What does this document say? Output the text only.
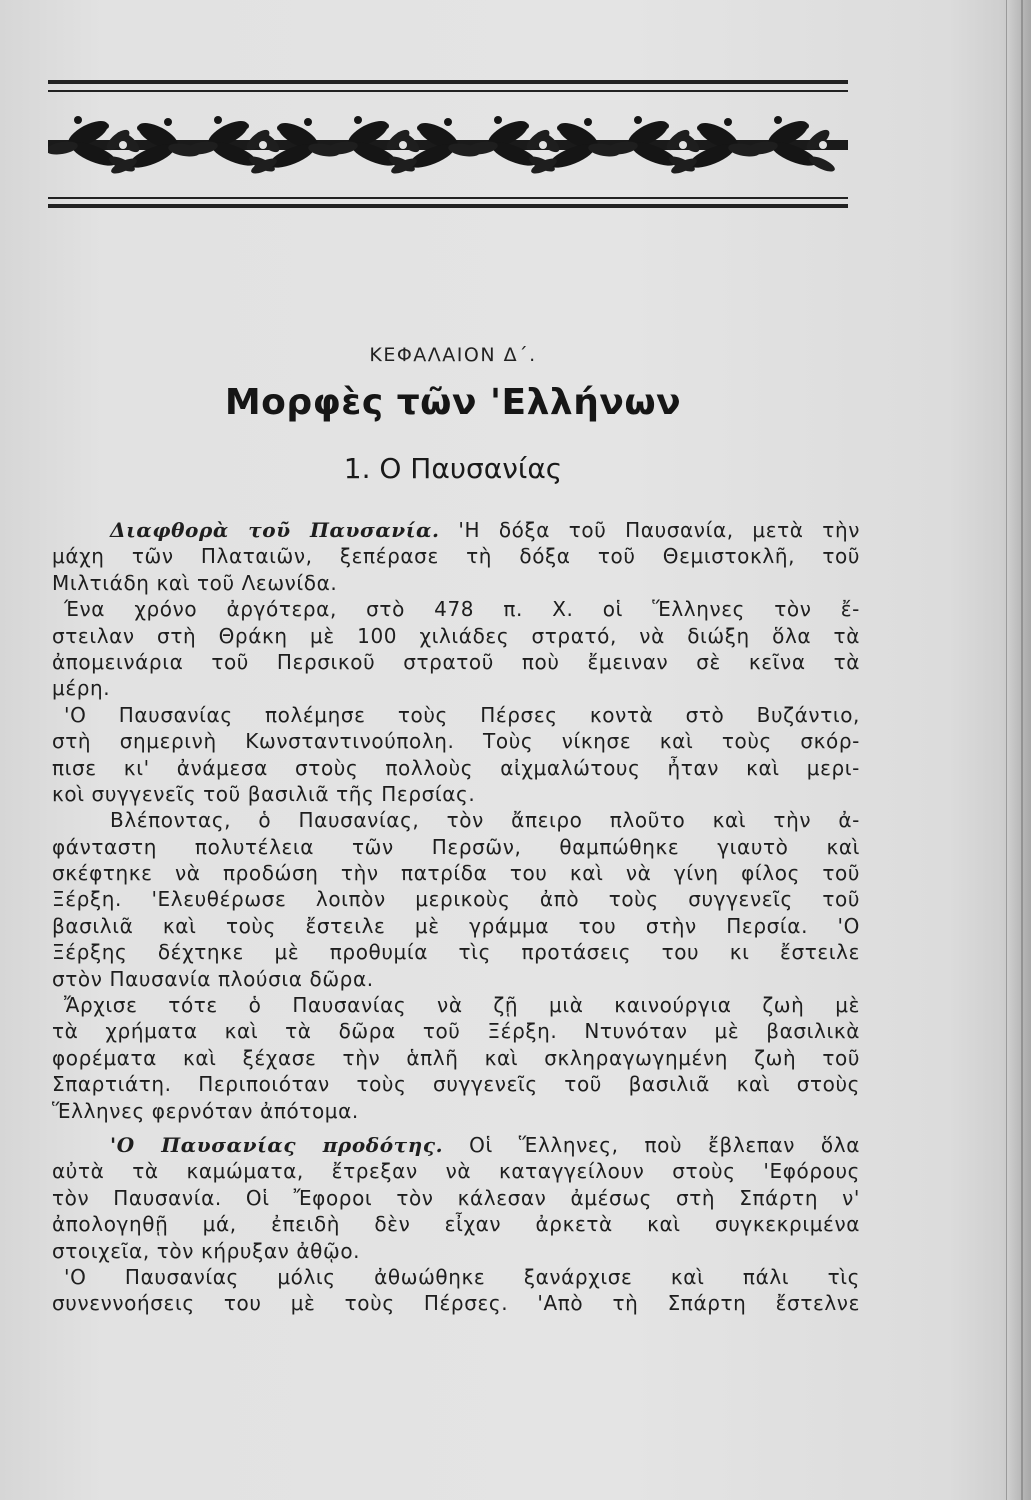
ΚΕΦΑΛΑΙΟΝ Δ΄.
Μορφὲς τῶν 'Ελλήνων
1. Ο Παυσανίας
Διαφθορὰ τοῦ Παυσανία. 'Η δόξα τοῦ Παυσανία, μετὰ τὴν
μάχη τῶν Πλαταιῶν, ξεπέρασε τὴ δόξα τοῦ Θεμιστοκλῆ, τοῦ
Μιλτιάδη καὶ τοῦ Λεωνίδα.
Ένα χρόνο ἀργότερα, στὸ 478 π. Χ. οἱ Ἕλληνες τὸν ἔ-
στειλαν στὴ Θράκη μὲ 100 χιλιάδες στρατό, νὰ διώξη ὅλα τὰ
ἀπομεινάρια τοῦ Περσικοῦ στρατοῦ ποὺ ἔμειναν σὲ κεῖνα τὰ
μέρη.
'Ο Παυσανίας πολέμησε τοὺς Πέρσες κοντὰ στὸ Βυζάντιο,
στὴ σημερινὴ Κωνσταντινούπολη. Τοὺς νίκησε καὶ τοὺς σκόρ-
πισε κι' ἀνάμεσα στοὺς πολλοὺς αἰχμαλώτους ἦταν καὶ μερι-
κοὶ συγγενεῖς τοῦ βασιλιᾶ τῆς Περσίας.
Βλέποντας, ὁ Παυσανίας, τὸν ἄπειρο πλοῦτο καὶ τὴν ἀ-
φάνταστη πολυτέλεια τῶν Περσῶν, θαμπώθηκε γιαυτὸ καὶ
σκέφτηκε νὰ προδώση τὴν πατρίδα του καὶ νὰ γίνη φίλος τοῦ
Ξέρξη. 'Ελευθέρωσε λοιπὸν μερικοὺς ἀπὸ τοὺς συγγενεῖς τοῦ
βασιλιᾶ καὶ τοὺς ἔστειλε μὲ γράμμα του στὴν Περσία. 'Ο
Ξέρξης δέχτηκε μὲ προθυμία τὶς προτάσεις του κι ἔστειλε
στὸν Παυσανία πλούσια δῶρα.
Ἄρχισε τότε ὁ Παυσανίας νὰ ζῇ μιὰ καινούργια ζωὴ μὲ
τὰ χρήματα καὶ τὰ δῶρα τοῦ Ξέρξη. Ντυνόταν μὲ βασιλικὰ
φορέματα καὶ ξέχασε τὴν ἁπλῆ καὶ σκληραγωγημένη ζωὴ τοῦ
Σπαρτιάτη. Περιποιόταν τοὺς συγγενεῖς τοῦ βασιλιᾶ καὶ στοὺς
Ἕλληνες φερνόταν ἀπότομα.
'Ο Παυσανίας προδότης. Οἱ Ἕλληνες, ποὺ ἔβλεπαν ὅλα
αὐτὰ τὰ καμώματα, ἔτρεξαν νὰ καταγγείλουν στοὺς 'Εφόρους
τὸν Παυσανία. Οἱ Ἔφοροι τὸν κάλεσαν ἀμέσως στὴ Σπάρτη ν'
ἀπολογηθῇ μά, ἐπειδὴ δὲν εἶχαν ἀρκετὰ καὶ συγκεκριμένα
στοιχεῖα, τὸν κήρυξαν ἀθῷο.
'Ο Παυσανίας μόλις ἀθωώθηκε ξανάρχισε καὶ πάλι τὶς
συνεννοήσεις του μὲ τοὺς Πέρσες. 'Απὸ τὴ Σπάρτη ἔστελνε
